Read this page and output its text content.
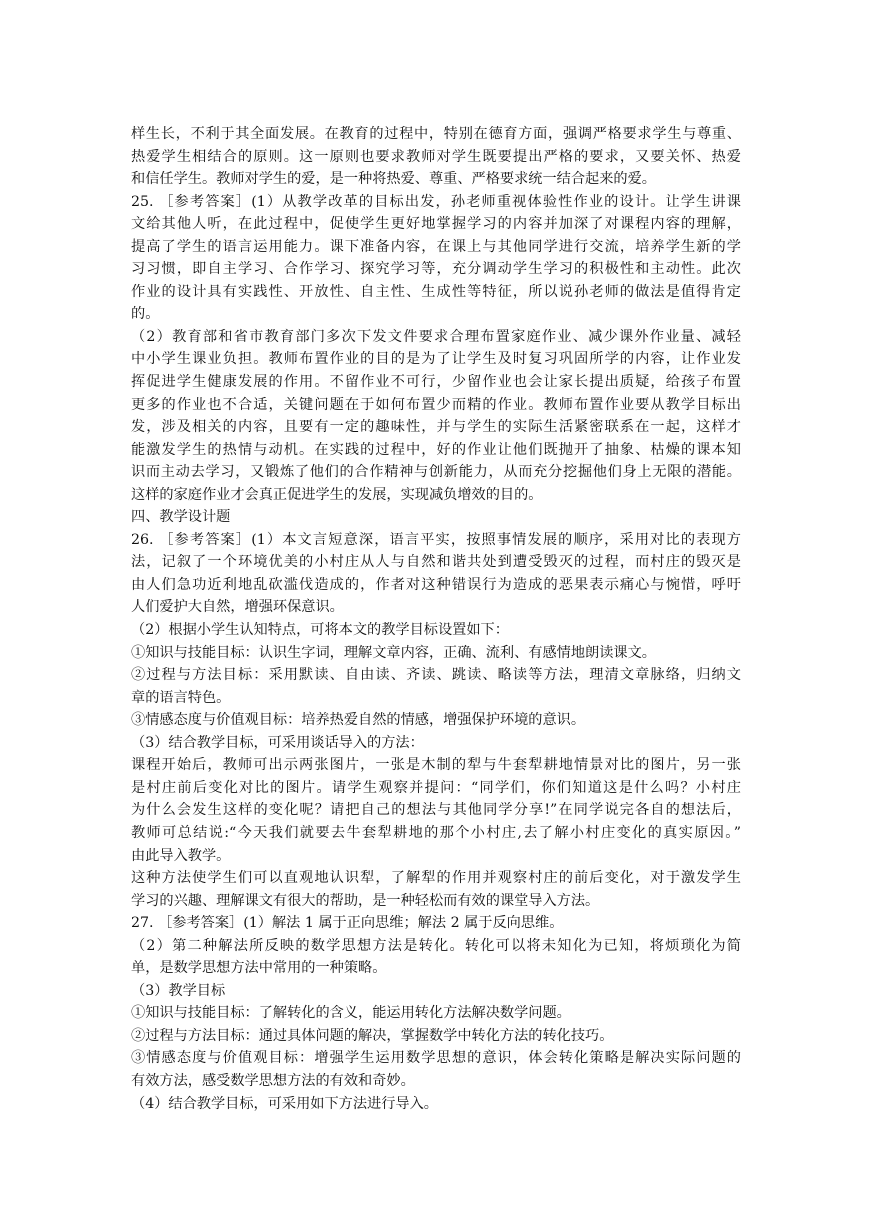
样生长，不利于其全面发展。在教育的过程中，特别在德育方面，强调严格要求学生与尊重、
热爱学生相结合的原则。这一原则也要求教师对学生既要提出严格的要求，又要关怀、热爱
和信任学生。教师对学生的爱，是一种将热爱、尊重、严格要求统一结合起来的爱。
25. ［参考答案］(1）从教学改革的目标出发，孙老师重视体验性作业的设计。让学生讲课
文给其他人听，在此过程中，促使学生更好地掌握学习的内容并加深了对课程内容的理解，
提高了学生的语言运用能力。课下准备内容，在课上与其他同学进行交流，培养学生新的学
习习惯，即自主学习、合作学习、探究学习等，充分调动学生学习的积极性和主动性。此次
作业的设计具有实践性、开放性、自主性、生成性等特征，所以说孙老师的做法是值得肯定
的。
（2）教育部和省市教育部门多次下发文件要求合理布置家庭作业、减少课外作业量、减轻
中小学生课业负担。教师布置作业的目的是为了让学生及时复习巩固所学的内容，让作业发
挥促进学生健康发展的作用。不留作业不可行，少留作业也会让家长提出质疑，给孩子布置
更多的作业也不合适，关键问题在于如何布置少而精的作业。教师布置作业要从教学目标出
发，涉及相关的内容，且要有一定的趣味性，并与学生的实际生活紧密联系在一起，这样才
能激发学生的热情与动机。在实践的过程中，好的作业让他们既抛开了抽象、枯燥的课本知
识而主动去学习，又锻炼了他们的合作精神与创新能力，从而充分挖掘他们身上无限的潜能。
这样的家庭作业才会真正促进学生的发展，实现减负增效的目的。
四、教学设计题
26. ［参考答案］(1）本文言短意深，语言平实，按照事情发展的顺序，采用对比的表现方
法，记叙了一个环境优美的小村庄从人与自然和谐共处到遭受毁灭的过程，而村庄的毁灭是
由人们急功近利地乱砍滥伐造成的，作者对这种错误行为造成的恶果表示痛心与惋惜，呼吁
人们爱护大自然，增强环保意识。
（2）根据小学生认知特点，可将本文的教学目标设置如下：
①知识与技能目标：认识生字词，理解文章内容，正确、流利、有感情地朗读课文。
②过程与方法目标：采用默读、自由读、齐读、跳读、略读等方法，理清文章脉络，归纳文
章的语言特色。
③情感态度与价值观目标：培养热爱自然的情感，增强保护环境的意识。
（3）结合教学目标，可采用谈话导入的方法：
课程开始后，教师可出示两张图片，一张是木制的犁与牛套犁耕地情景对比的图片，另一张
是村庄前后变化对比的图片。请学生观察并提问：“同学们，你们知道这是什么吗？小村庄
为什么会发生这样的变化呢？请把自己的想法与其他同学分享!”在同学说完各自的想法后，
教师可总结说:“今天我们就要去牛套犁耕地的那个小村庄,去了解小村庄变化的真实原因。”
由此导入教学。
这种方法使学生们可以直观地认识犁，了解犁的作用并观察村庄的前后变化，对于激发学生
学习的兴趣、理解课文有很大的帮助，是一种轻松而有效的课堂导入方法。
27. ［参考答案］(1）解法 1 属于正向思维；解法 2 属于反向思维。
（2）第二种解法所反映的数学思想方法是转化。转化可以将未知化为已知，将烦琐化为简
单，是数学思想方法中常用的一种策略。
（3）教学目标
①知识与技能目标：了解转化的含义，能运用转化方法解决数学问题。
②过程与方法目标：通过具体问题的解决，掌握数学中转化方法的转化技巧。
③情感态度与价值观目标：增强学生运用数学思想的意识，体会转化策略是解决实际问题的
有效方法，感受数学思想方法的有效和奇妙。
（4）结合教学目标，可采用如下方法进行导入。
